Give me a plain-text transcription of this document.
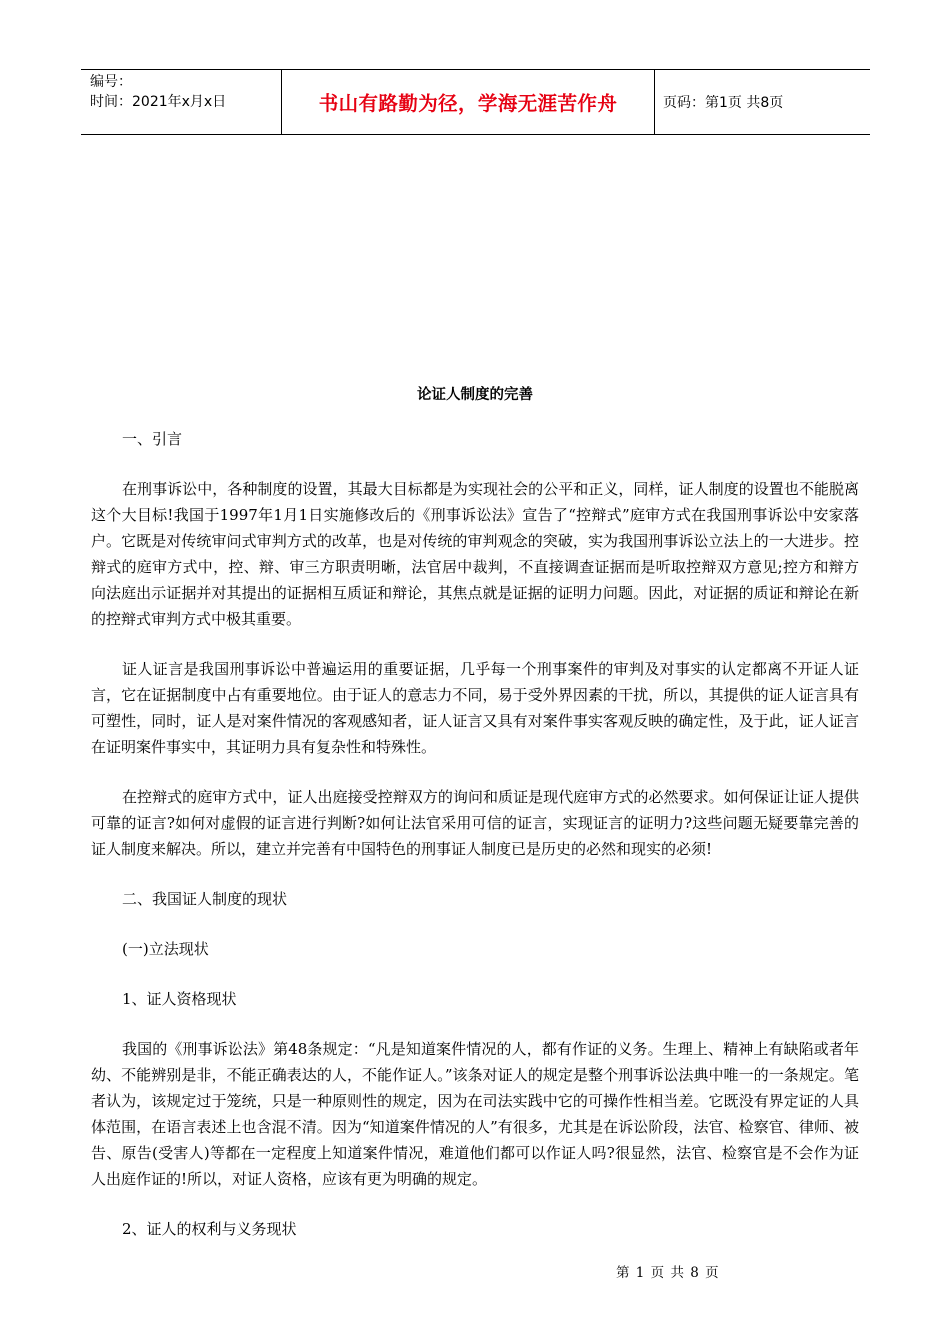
编号：
时间：2021年x月x日	书山有路勤为径，学海无涯苦作舟	页码：第1页 共8页
论证人制度的完善

一、引言

在刑事诉讼中，各种制度的设置，其最大目标都是为实现社会的公平和正义，同样，证人制度的设置也不能脱离这个大目标!我国于1997年1月1日实施修改后的《刑事诉讼法》宣告了“控辩式”庭审方式在我国刑事诉讼中安家落户。它既是对传统审问式审判方式的改革，也是对传统的审判观念的突破，实为我国刑事诉讼立法上的一大进步。控辩式的庭审方式中，控、辩、审三方职责明晰，法官居中裁判，不直接调查证据而是听取控辩双方意见;控方和辩方向法庭出示证据并对其提出的证据相互质证和辩论，其焦点就是证据的证明力问题。因此，对证据的质证和辩论在新的控辩式审判方式中极其重要。

证人证言是我国刑事诉讼中普遍运用的重要证据，几乎每一个刑事案件的审判及对事实的认定都离不开证人证言，它在证据制度中占有重要地位。由于证人的意志力不同，易于受外界因素的干扰，所以，其提供的证人证言具有可塑性，同时，证人是对案件情况的客观感知者，证人证言又具有对案件事实客观反映的确定性，及于此，证人证言在证明案件事实中，其证明力具有复杂性和特殊性。

在控辩式的庭审方式中，证人出庭接受控辩双方的询问和质证是现代庭审方式的必然要求。如何保证让证人提供可靠的证言?如何对虚假的证言进行判断?如何让法官采用可信的证言，实现证言的证明力?这些问题无疑要靠完善的证人制度来解决。所以，建立并完善有中国特色的刑事证人制度已是历史的必然和现实的必须!

二、我国证人制度的现状

(一)立法现状

1、证人资格现状

我国的《刑事诉讼法》第48条规定：“凡是知道案件情况的人，都有作证的义务。生理上、精神上有缺陷或者年幼、不能辨别是非，不能正确表达的人，不能作证人。”该条对证人的规定是整个刑事诉讼法典中唯一的一条规定。笔者认为，该规定过于笼统，只是一种原则性的规定，因为在司法实践中它的可操作性相当差。它既没有界定证的人具体范围，在语言表述上也含混不清。因为“知道案件情况的人”有很多，尤其是在诉讼阶段，法官、检察官、律师、被告、原告(受害人)等都在一定程度上知道案件情况，难道他们都可以作证人吗?很显然，法官、检察官是不会作为证人出庭作证的!所以，对证人资格，应该有更为明确的规定。

2、证人的权利与义务现状

第 1 页 共 8 页
